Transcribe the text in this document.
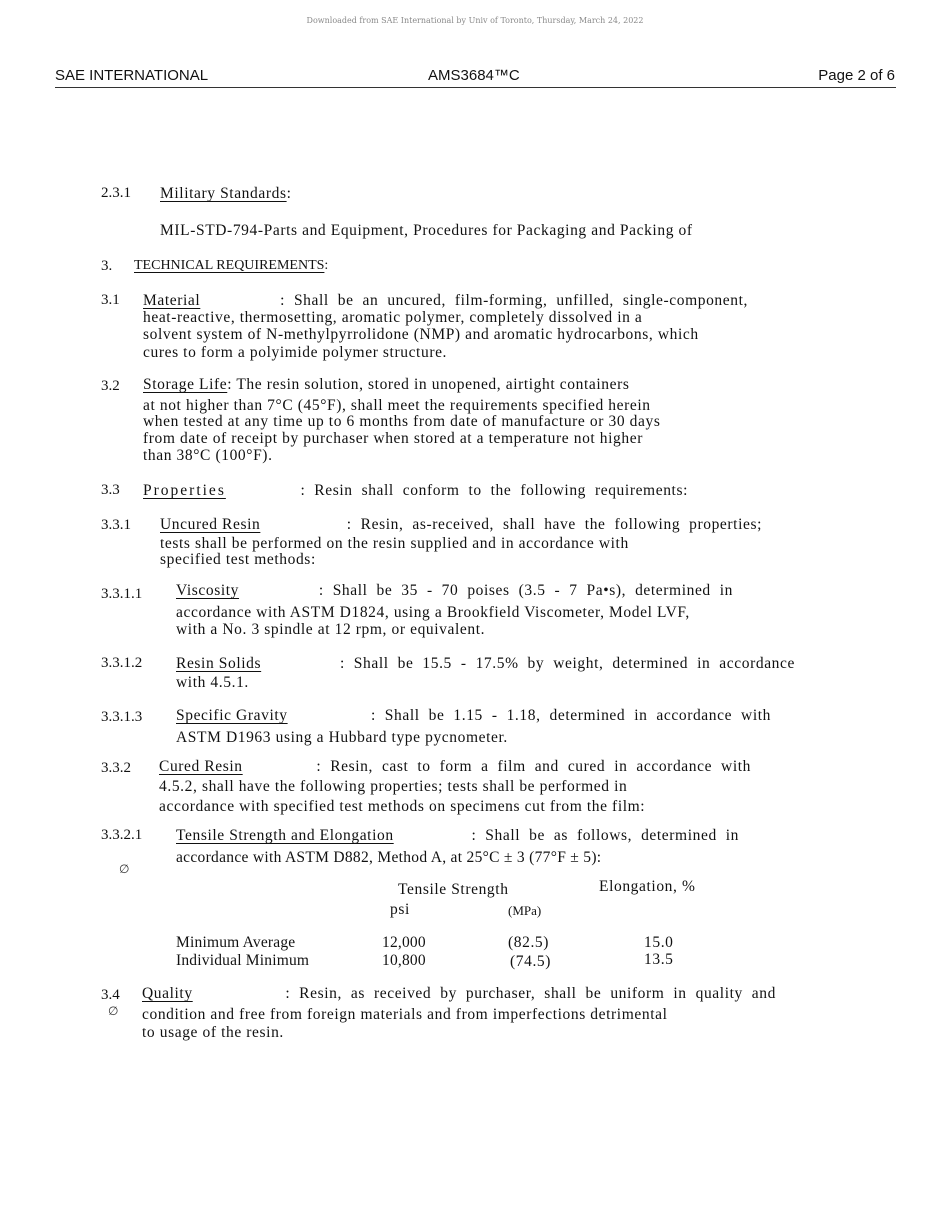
Downloaded from SAE International by Univ of Toronto, Thursday, March 24, 2022
SAE INTERNATIONAL	AMS3684™C	Page 2 of 6
2.3.1 Military Standards:
MIL-STD-794-Parts and Equipment, Procedures for Packaging and Packing of
3. TECHNICAL REQUIREMENTS:
3.1 Material	:  Shall  be  an  uncured,  film-forming,  unfilled,  single-component,
heat-reactive, thermosetting, aromatic polymer, completely dissolved in a
solvent system of N-methylpyrrolidone (NMP) and aromatic hydrocarbons, which
cures to form a polyimide polymer structure.
3.2 Storage Life: The resin solution, stored in unopened, airtight containers
at not higher than 7°C (45°F), shall meet the requirements specified herein
when tested at any time up to 6 months from date of manufacture or 30 days
from date of receipt by purchaser when stored at a temperature not higher
than 38°C (100°F).
3.3 Properties	:  Resin  shall  conform  to  the  following  requirements:
3.3.1 Uncured Resin	:  Resin,  as-received,  shall  have  the  following  properties;
tests shall be performed on the resin supplied and in accordance with
specified test methods:
3.3.1.1 Viscosity	:  Shall  be  35  -  70  poises  (3.5  -  7  Pa•s),  determined  in
accordance with ASTM D1824, using a Brookfield Viscometer, Model LVF,
with a No. 3 spindle at 12 rpm, or equivalent.
3.3.1.2 Resin Solids	:  Shall  be  15.5  -  17.5%  by  weight,  determined  in  accordance
with 4.5.1.
3.3.1.3 Specific Gravity	:  Shall  be  1.15  -  1.18,  determined  in  accordance  with
ASTM D1963 using a Hubbard type pycnometer.
3.3.2 Cured Resin	:  Resin,  cast  to  form  a  film  and  cured  in  accordance  with
4.5.2, shall have the following properties; tests shall be performed in
accordance with specified test methods on specimens cut from the film:
3.3.2.1
∅
Tensile Strength and Elongation	:  Shall  be  as  follows,  determined  in
accordance with ASTM D882, Method A, at 25°C ± 3 (77°F ± 5):
Tensile Strength	Elongation, %
psi	(MPa)
Minimum Average	12,000	(82.5)	15.0
Individual Minimum	10,800	(74.5)	13.5
3.4
∅
Quality	:  Resin,  as  received  by  purchaser,  shall  be  uniform  in  quality  and
condition and free from foreign materials and from imperfections detrimental
to usage of the resin.
